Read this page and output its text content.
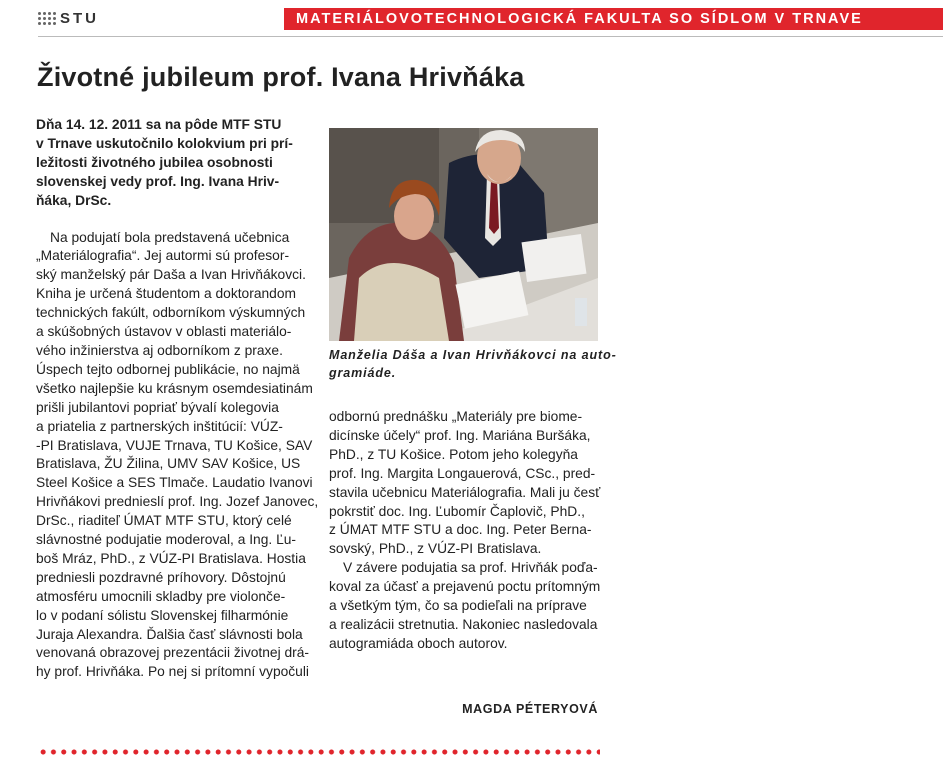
STU	MATERIÁLOVOTECHNOLOGICKÁ FAKULTA SO SÍDLOM V TRNAVE
Životné jubileum prof. Ivana Hrivňáka

Dňa 14. 12. 2011 sa na pôde MTF STU
v Trnave uskutočnilo kolokvium pri prí-
ležitosti životného jubilea osobnosti
slovenskej vedy prof. Ing. Ivana Hriv-
ňáka, DrSc.

Na podujatí bola predstavená učebnica
„Materiálografia“. Jej autormi sú profesor-
ský manželský pár Daša a Ivan Hrivňákovci.
Kniha je určená študentom a doktorandom
technických fakúlt, odborníkom výskumných
a skúšobných ústavov v oblasti materiálo-
vého inžinierstva aj odborníkom z praxe.
Úspech tejto odbornej publikácie, no najmä
všetko najlepšie ku krásnym osemdesiatinám
prišli jubilantovi popriať bývalí kolegovia
a priatelia z partnerských inštitúcií: VÚZ-
-PI Bratislava, VUJE Trnava, TU Košice, SAV
Bratislava, ŽU Žilina, UMV SAV Košice, US
Steel Košice a SES Tlmače. Laudatio Ivanovi
Hrivňákovi prednieslí prof. Ing. Jozef Janovec,
DrSc., riaditeľ ÚMAT MTF STU, ktorý celé
slávnostné podujatie moderoval, a Ing. Ľu-
boš Mráz, PhD., z VÚZ-PI Bratislava. Hostia
predniesli pozdravné príhovory. Dôstojnú
atmosféru umocnili skladby pre violonče-
lo v podaní sólistu Slovenskej filharmónie
Juraja Alexandra. Ďalšia časť slávnosti bola
venovaná obrazovej prezentácii životnej drá-
hy prof. Hrivňáka. Po nej si prítomní vypočuli

Manželia Dáša a Ivan Hrivňákovci na auto-
gramiáde.

odbornú prednášku „Materiály pre biome-
dicínske účely“ prof. Ing. Mariána Buršáka,
PhD., z TU Košice. Potom jeho kolegyňa
prof. Ing. Margita Longauerová, CSc., pred-
stavila učebnicu Materiálografia. Mali ju česť
pokrstiť doc. Ing. Ľubomír Čaplovič, PhD.,
z ÚMAT MTF STU a doc. Ing. Peter Berna-
sovský, PhD., z VÚZ-PI Bratislava.

V závere podujatia sa prof. Hrivňák poďa-
koval za účasť a prejavenú poctu prítomným
a všetkým tým, čo sa podieľali na príprave
a realizácii stretnutia. Nakoniec nasledovala
autogramiáda oboch autorov.

MAGDA PÉTERYOVÁ
